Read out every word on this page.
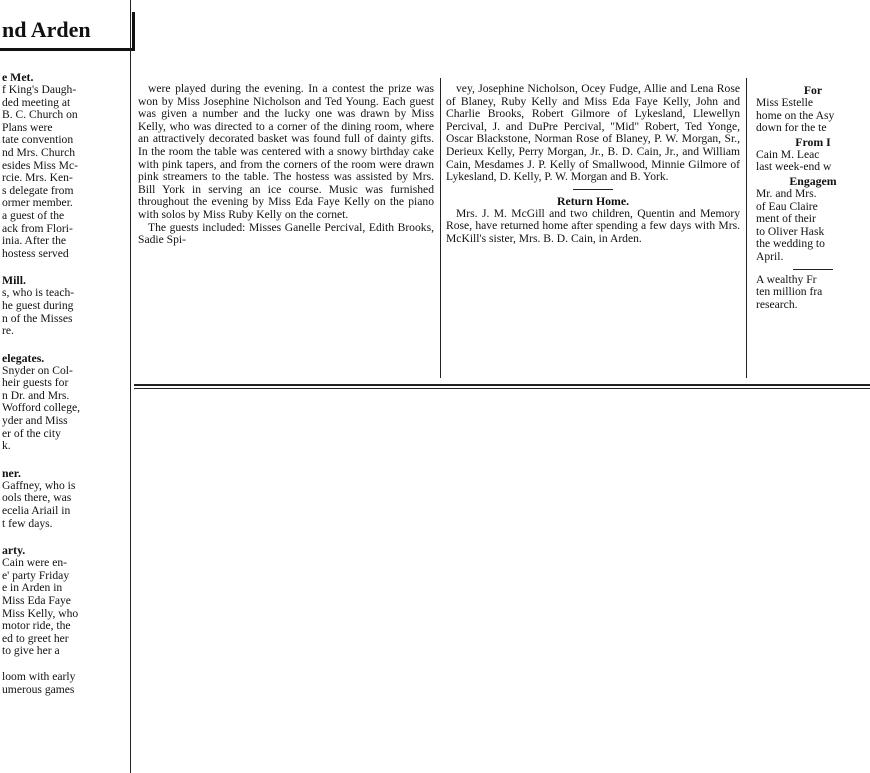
nd Arden
e Met.

f King's Daugh-

ded meeting at

B. C. Church on

Plans were

tate convention

nd Mrs. Church

esides Miss Mc-

rcie. Mrs. Ken-

s delegate from

ormer member.

a guest of the

ack from Flori-

inia. After the

hostess served

Mill.

s, who is teach-

he guest during

n of the Misses

re.

elegates.

Snyder on Col-

heir guests for

n Dr. and Mrs.

Wofford college,

yder and Miss

er of the city

k.

ner.

Gaffney, who is

ools there, was

ecelia Ariail in

t few days.

arty.

Cain were en-

e' party Friday

e in Arden in

Miss Eda Faye

Miss Kelly, who

motor ride, the

ed to greet her

to give her a

loom with early

umerous games

were played during the evening. In a contest the prize was won by Miss Josephine Nicholson and Ted Young. Each guest was given a number and the lucky one was drawn by Miss Kelly, who was directed to a corner of the dining room, where an attractively decorated basket was found full of dainty gifts. In the room the table was centered with a snowy birthday cake with pink tapers, and from the corners of the room were drawn pink streamers to the table. The hostess was assisted by Mrs. Bill York in serving an ice course. Music was furnished throughout the evening by Miss Eda Faye Kelly on the piano with solos by Miss Ruby Kelly on the cornet.

The guests included: Misses Ganelle Percival, Edith Brooks, Sadie Spi-

vey, Josephine Nicholson, Ocey Fudge, Allie and Lena Rose of Blaney, Ruby Kelly and Miss Eda Faye Kelly, John and Charlie Brooks, Robert Gilmore of Lykesland, Llewellyn Percival, J. and DuPre Percival, "Mid" Robert, Ted Yonge, Oscar Blackstone, Norman Rose of Blaney, P. W. Morgan, Sr., Derieux Kelly, Perry Morgan, Jr., B. D. Cain, Jr., and William Cain, Mesdames J. P. Kelly of Smallwood, Minnie Gilmore of Lykesland, D. Kelly, P. W. Morgan and B. York.

Return Home.

Mrs. J. M. McGill and two children, Quentin and Memory Rose, have returned home after spending a few days with Mrs. McKill's sister, Mrs. B. D. Cain, in Arden.

For

Miss Estelle

home on the Asy

down for the te

From I

Cain M. Leac

last week-end w

Engagem

Mr. and Mrs.

of Eau Claire

ment of their

to Oliver Hask

the wedding to

April.

A wealthy Fr

ten million fra

research.
